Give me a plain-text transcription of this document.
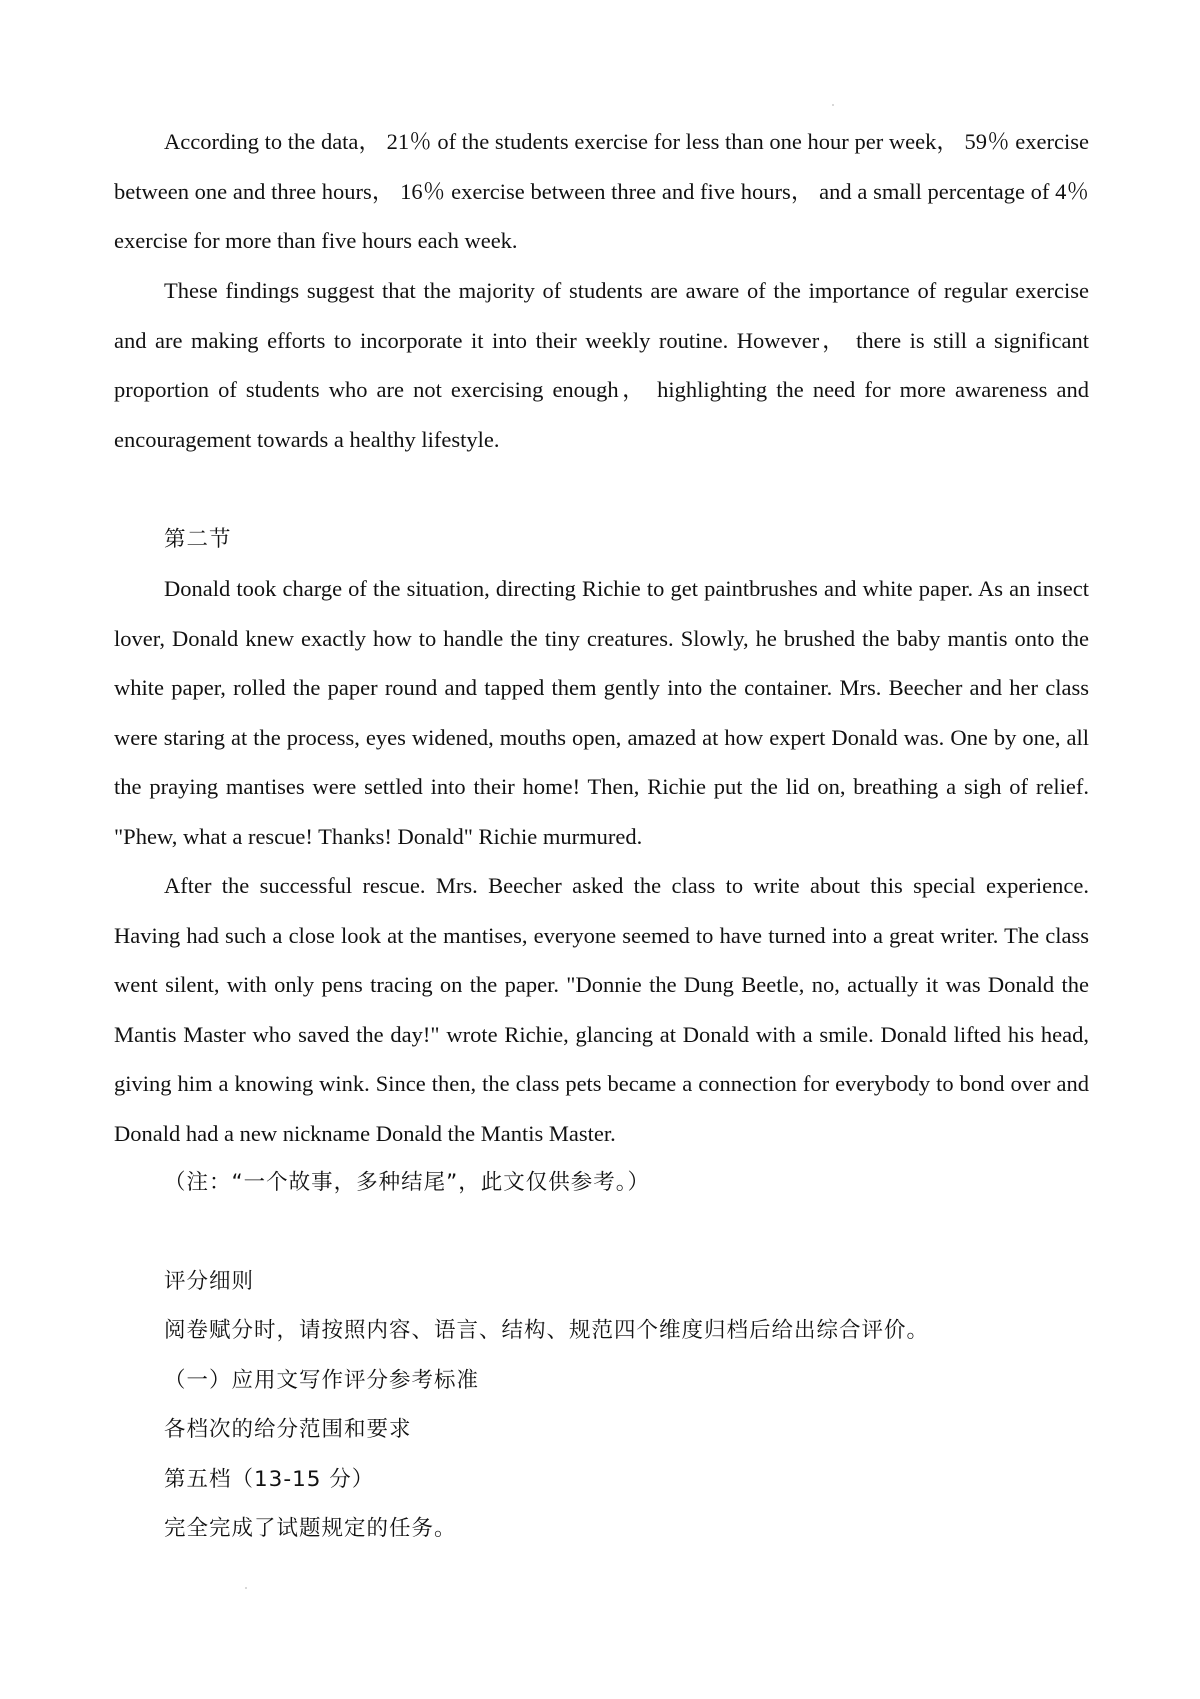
According to the data， 21％ of the students exercise for less than one hour per week， 59％ exercise between one and three hours， 16％ exercise between three and five hours， and a small percentage of 4％ exercise for more than five hours each week.

These findings suggest that the majority of students are aware of the importance of regular exercise and are making efforts to incorporate it into their weekly routine. However， there is still a significant proportion of students who are not exercising enough， highlighting the need for more awareness and encouragement towards a healthy lifestyle.

第二节

Donald took charge of the situation, directing Richie to get paintbrushes and white paper. As an insect lover, Donald knew exactly how to handle the tiny creatures. Slowly, he brushed the baby mantis onto the white paper, rolled the paper round and tapped them gently into the container. Mrs. Beecher and her class were staring at the process, eyes widened, mouths open, amazed at how expert Donald was. One by one, all the praying mantises were settled into their home! Then, Richie put the lid on, breathing a sigh of relief. "Phew, what a rescue! Thanks! Donald" Richie murmured.

After the successful rescue. Mrs. Beecher asked the class to write about this special experience. Having had such a close look at the mantises, everyone seemed to have turned into a great writer. The class went silent, with only pens tracing on the paper. "Donnie the Dung Beetle, no, actually it was Donald the Mantis Master who saved the day!" wrote Richie, glancing at Donald with a smile. Donald lifted his head, giving him a knowing wink. Since then, the class pets became a connection for everybody to bond over and Donald had a new nickname Donald the Mantis Master.

（注：“一个故事，多种结尾”，此文仅供参考。）

评分细则

阅卷赋分时，请按照内容、语言、结构、规范四个维度归档后给出综合评价。

（一）应用文写作评分参考标准

各档次的给分范围和要求

第五档（13-15 分）

完全完成了试题规定的任务。
